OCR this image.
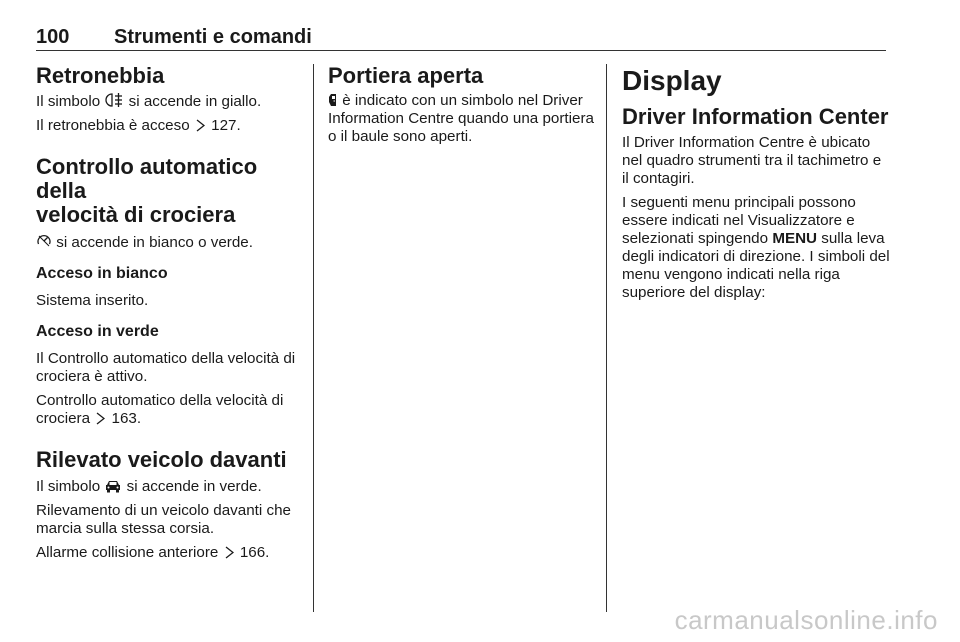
100 Strumenti e comandi
Retronebbia

Il simbolo si accende in giallo.

Il retronebbia è acceso 127.

Controllo automatico della
velocità di crociera

si accende in bianco o verde.

Acceso in bianco

Sistema inserito.

Acceso in verde

Il Controllo automatico della velocità di crociera è attivo.

Controllo automatico della velocità di crociera 163.

Rilevato veicolo davanti

Il simbolo si accende in verde.

Rilevamento di un veicolo davanti che marcia sulla stessa corsia.

Allarme collisione anteriore 166.

Portiera aperta

è indicato con un simbolo nel Driver Information Centre quando una portiera o il baule sono aperti.

Display
Driver Information Center

Il Driver Information Centre è ubicato nel quadro strumenti tra il tachimetro e il contagiri.

I seguenti menu principali possono essere indicati nel Visualizzatore e selezionati spingendo MENU sulla leva degli indicatori di direzione. I simboli del menu vengono indicati nella riga superiore del display:

carmanualsonline.info
